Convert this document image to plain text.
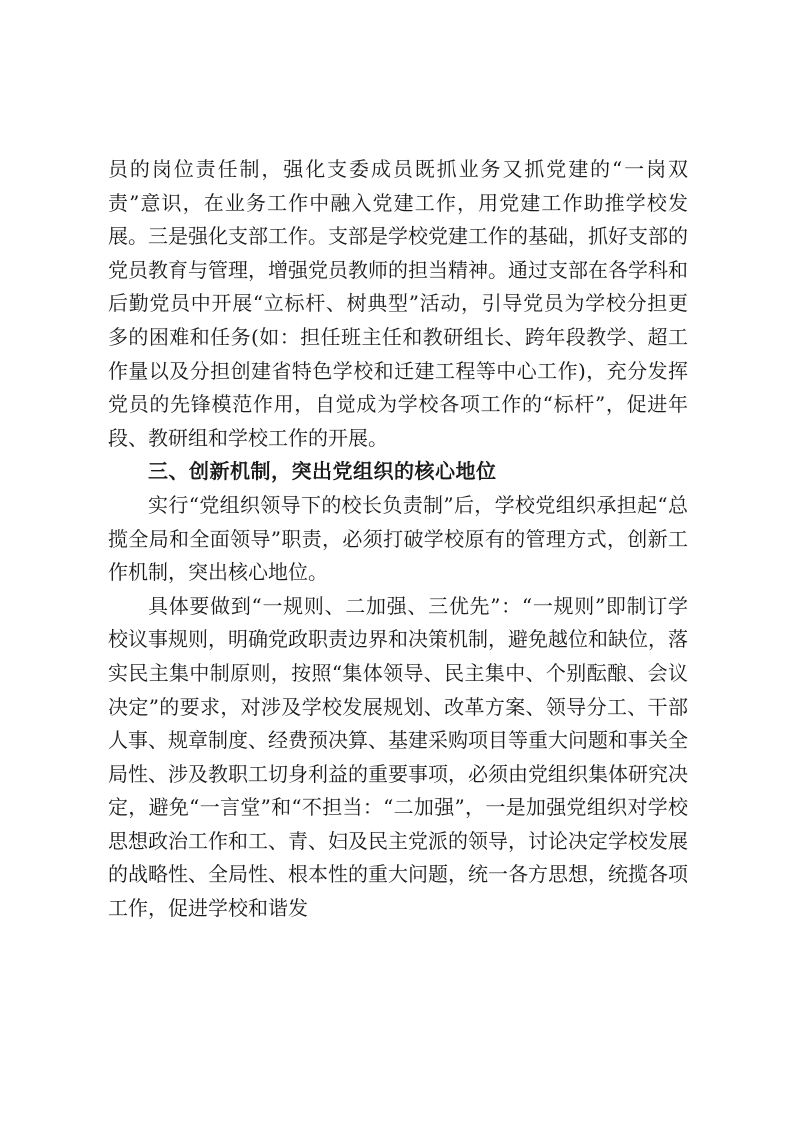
员的岗位责任制，强化支委成员既抓业务又抓党建的“一岗双责”意识，在业务工作中融入党建工作，用党建工作助推学校发展。三是强化支部工作。支部是学校党建工作的基础，抓好支部的党员教育与管理，增强党员教师的担当精神。通过支部在各学科和后勤党员中开展“立标杆、树典型”活动，引导党员为学校分担更多的困难和任务(如：担任班主任和教研组长、跨年段教学、超工作量以及分担创建省特色学校和迁建工程等中心工作)，充分发挥党员的先锋模范作用，自觉成为学校各项工作的“标杆”，促进年段、教研组和学校工作的开展。

三、创新机制，突出党组织的核心地位

实行“党组织领导下的校长负责制”后，学校党组织承担起“总揽全局和全面领导”职责，必须打破学校原有的管理方式，创新工作机制，突出核心地位。

具体要做到“一规则、二加强、三优先”：“一规则”即制订学校议事规则，明确党政职责边界和决策机制，避免越位和缺位，落实民主集中制原则，按照“集体领导、民主集中、个别酝酿、会议决定”的要求，对涉及学校发展规划、改革方案、领导分工、干部人事、规章制度、经费预决算、基建采购项目等重大问题和事关全局性、涉及教职工切身利益的重要事项，必须由党组织集体研究决定，避免“一言堂”和“不担当：“二加强”，一是加强党组织对学校思想政治工作和工、青、妇及民主党派的领导，讨论决定学校发展的战略性、全局性、根本性的重大问题，统一各方思想，统揽各项工作，促进学校和谐发
